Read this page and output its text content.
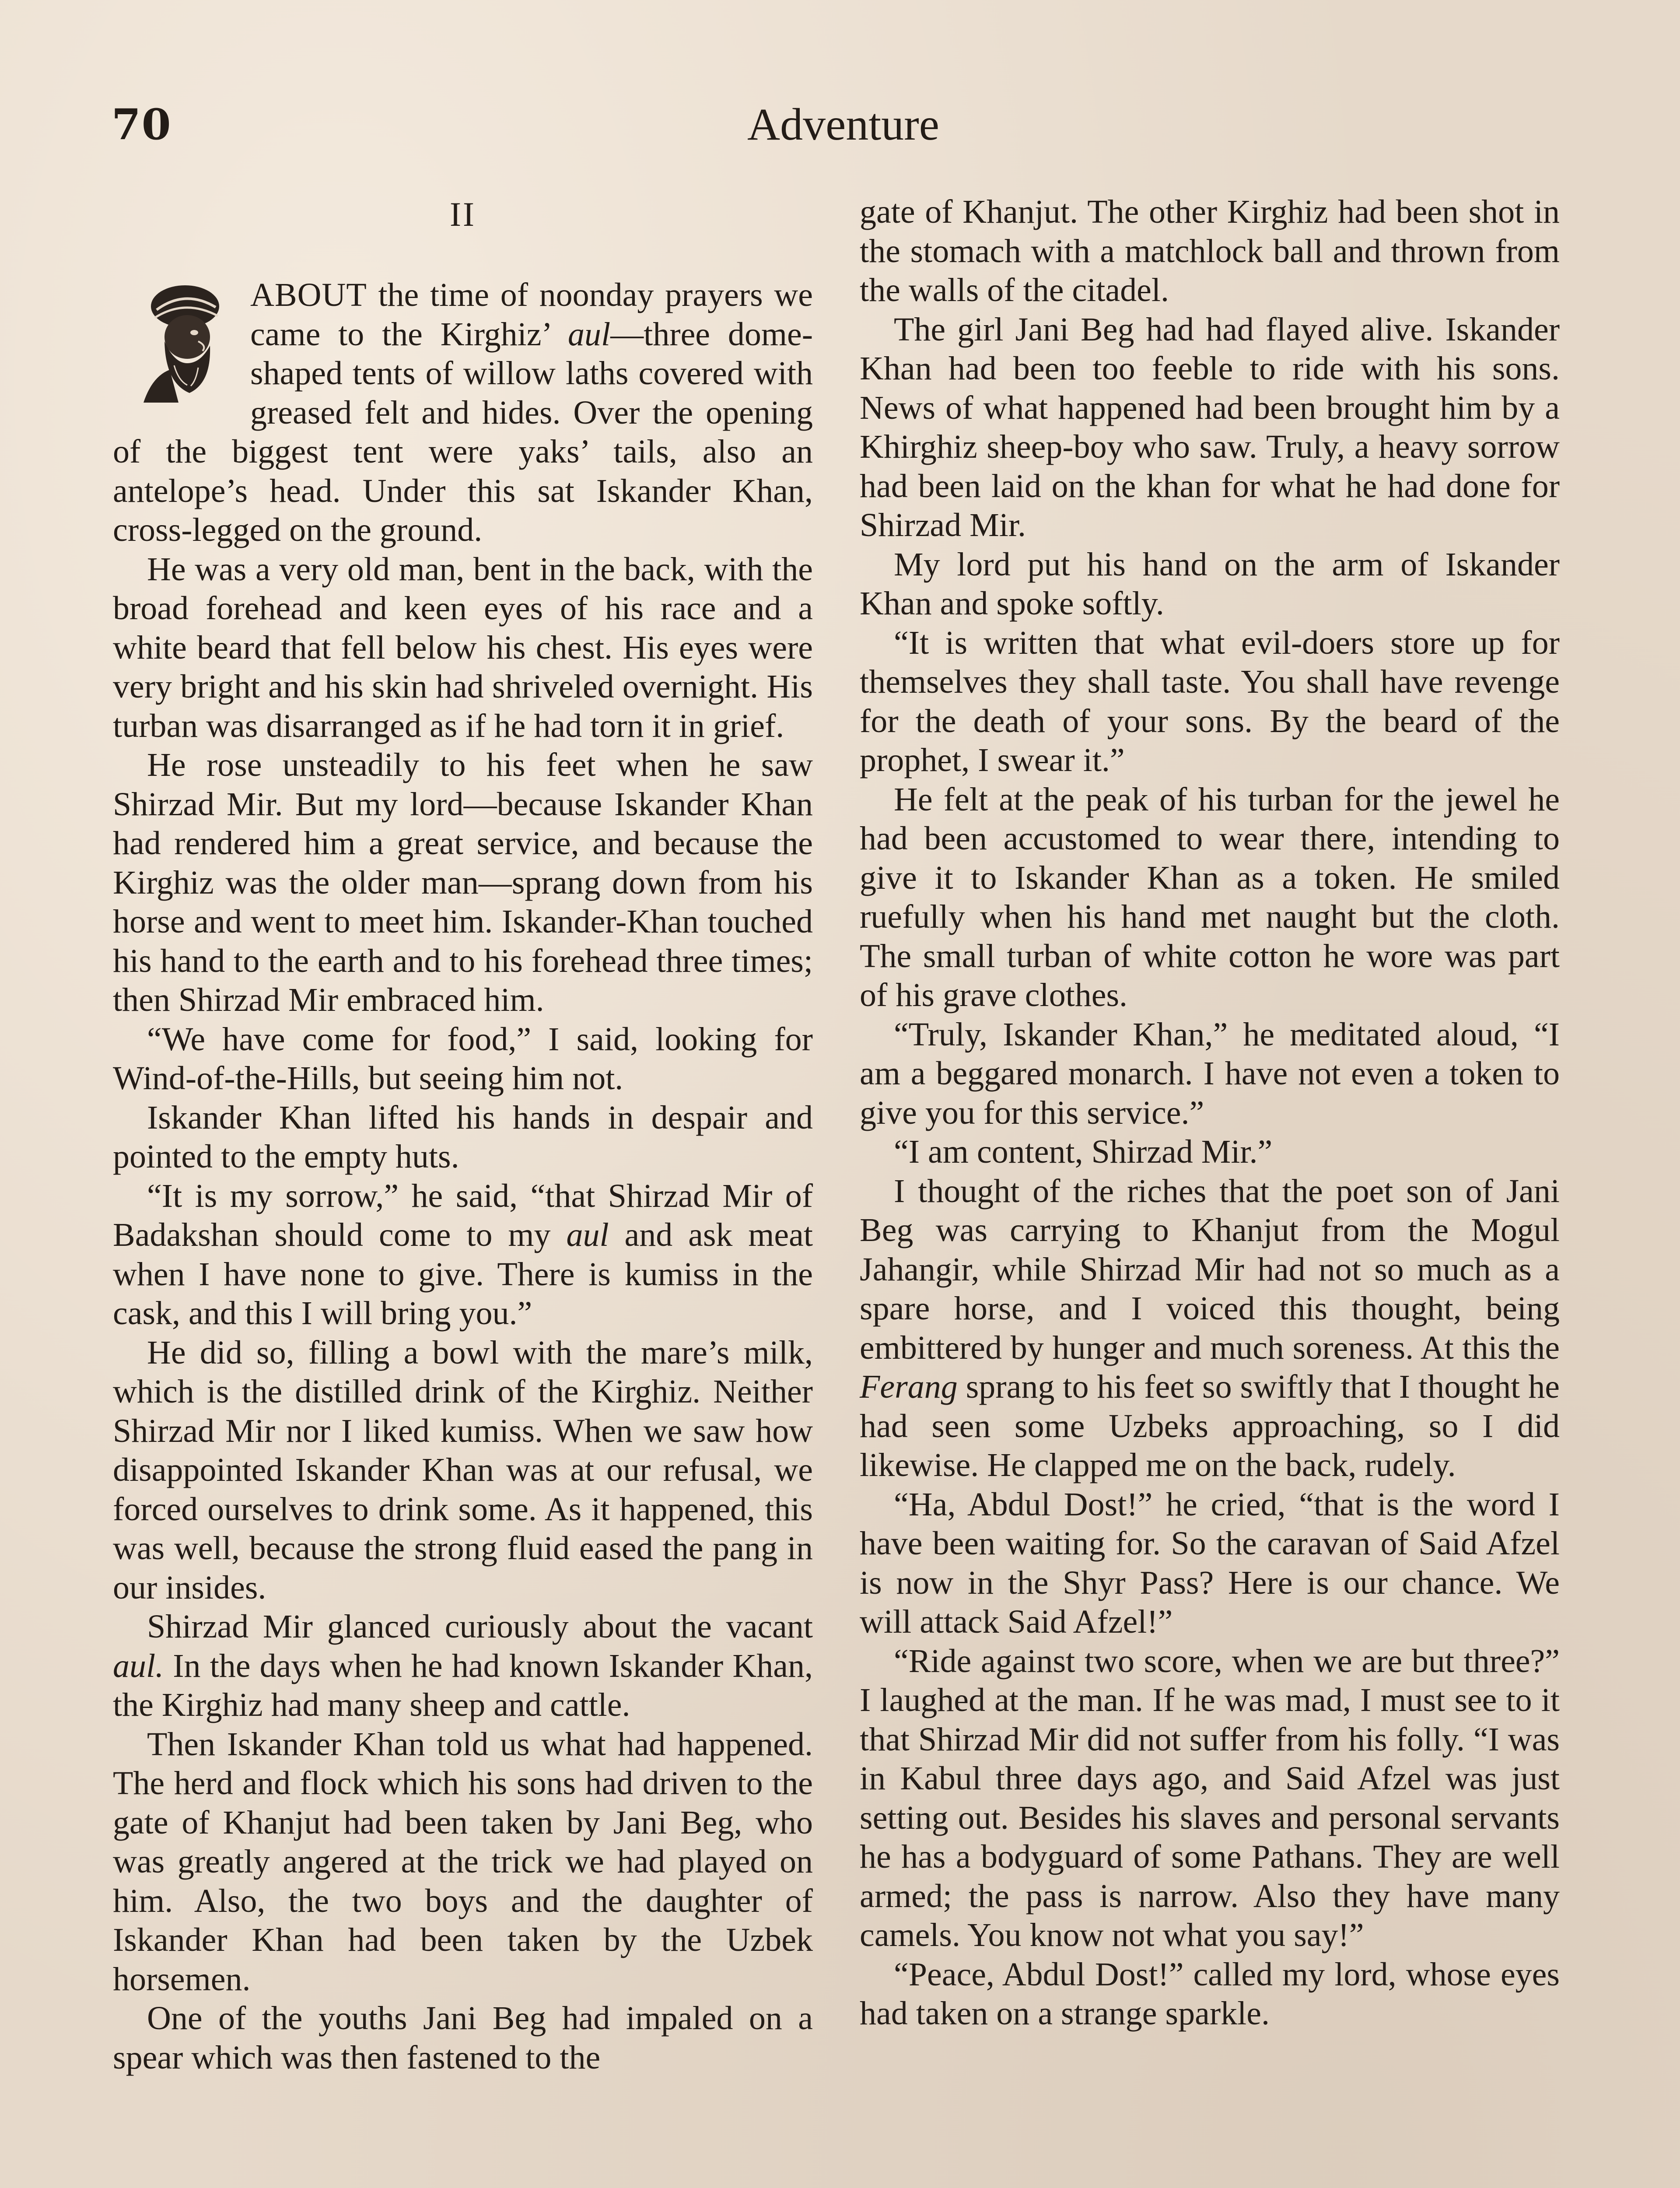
70	Adventure
II

ABOUT the time of noonday prayers we came to the Kirghiz’ aul—three dome-shaped tents of willow laths covered with greased felt and hides. Over the opening of the biggest tent were yaks’ tails, also an antelope’s head. Under this sat Iskander Khan, cross-legged on the ground.

He was a very old man, bent in the back, with the broad forehead and keen eyes of his race and a white beard that fell below his chest. His eyes were very bright and his skin had shriveled overnight. His turban was disarranged as if he had torn it in grief.

He rose unsteadily to his feet when he saw Shirzad Mir. But my lord—because Iskander Khan had rendered him a great service, and because the Kirghiz was the older man—sprang down from his horse and went to meet him. Iskander-Khan touched his hand to the earth and to his forehead three times; then Shirzad Mir embraced him.

“We have come for food,” I said, looking for Wind-of-the-Hills, but seeing him not.

Iskander Khan lifted his hands in despair and pointed to the empty huts.

“It is my sorrow,” he said, “that Shirzad Mir of Badakshan should come to my aul and ask meat when I have none to give. There is kumiss in the cask, and this I will bring you.”

He did so, filling a bowl with the mare’s milk, which is the distilled drink of the Kirghiz. Neither Shirzad Mir nor I liked kumiss. When we saw how disappointed Iskander Khan was at our refusal, we forced ourselves to drink some. As it happened, this was well, because the strong fluid eased the pang in our insides.

Shirzad Mir glanced curiously about the vacant aul. In the days when he had known Iskander Khan, the Kirghiz had many sheep and cattle.

Then Iskander Khan told us what had happened. The herd and flock which his sons had driven to the gate of Khanjut had been taken by Jani Beg, who was greatly angered at the trick we had played on him. Also, the two boys and the daughter of Iskander Khan had been taken by the Uzbek horsemen.

One of the youths Jani Beg had impaled on a spear which was then fastened to the

gate of Khanjut. The other Kirghiz had been shot in the stomach with a matchlock ball and thrown from the walls of the citadel.

The girl Jani Beg had had flayed alive. Iskander Khan had been too feeble to ride with his sons. News of what happened had been brought him by a Khirghiz sheep-boy who saw. Truly, a heavy sorrow had been laid on the khan for what he had done for Shirzad Mir.

My lord put his hand on the arm of Iskander Khan and spoke softly.

“It is written that what evil-doers store up for themselves they shall taste. You shall have revenge for the death of your sons. By the beard of the prophet, I swear it.”

He felt at the peak of his turban for the jewel he had been accustomed to wear there, intending to give it to Iskander Khan as a token. He smiled ruefully when his hand met naught but the cloth. The small turban of white cotton he wore was part of his grave clothes.

“Truly, Iskander Khan,” he meditated aloud, “I am a beggared monarch. I have not even a token to give you for this service.”

“I am content, Shirzad Mir.”

I thought of the riches that the poet son of Jani Beg was carrying to Khanjut from the Mogul Jahangir, while Shirzad Mir had not so much as a spare horse, and I voiced this thought, being embittered by hunger and much soreness. At this the Ferang sprang to his feet so swiftly that I thought he had seen some Uzbeks approaching, so I did likewise. He clapped me on the back, rudely.

“Ha, Abdul Dost!” he cried, “that is the word I have been waiting for. So the caravan of Said Afzel is now in the Shyr Pass? Here is our chance. We will attack Said Afzel!”

“Ride against two score, when we are but three?” I laughed at the man. If he was mad, I must see to it that Shirzad Mir did not suffer from his folly. “I was in Kabul three days ago, and Said Afzel was just setting out. Besides his slaves and personal servants he has a bodyguard of some Pathans. They are well armed; the pass is narrow. Also they have many camels. You know not what you say!”

“Peace, Abdul Dost!” called my lord, whose eyes had taken on a strange sparkle.
